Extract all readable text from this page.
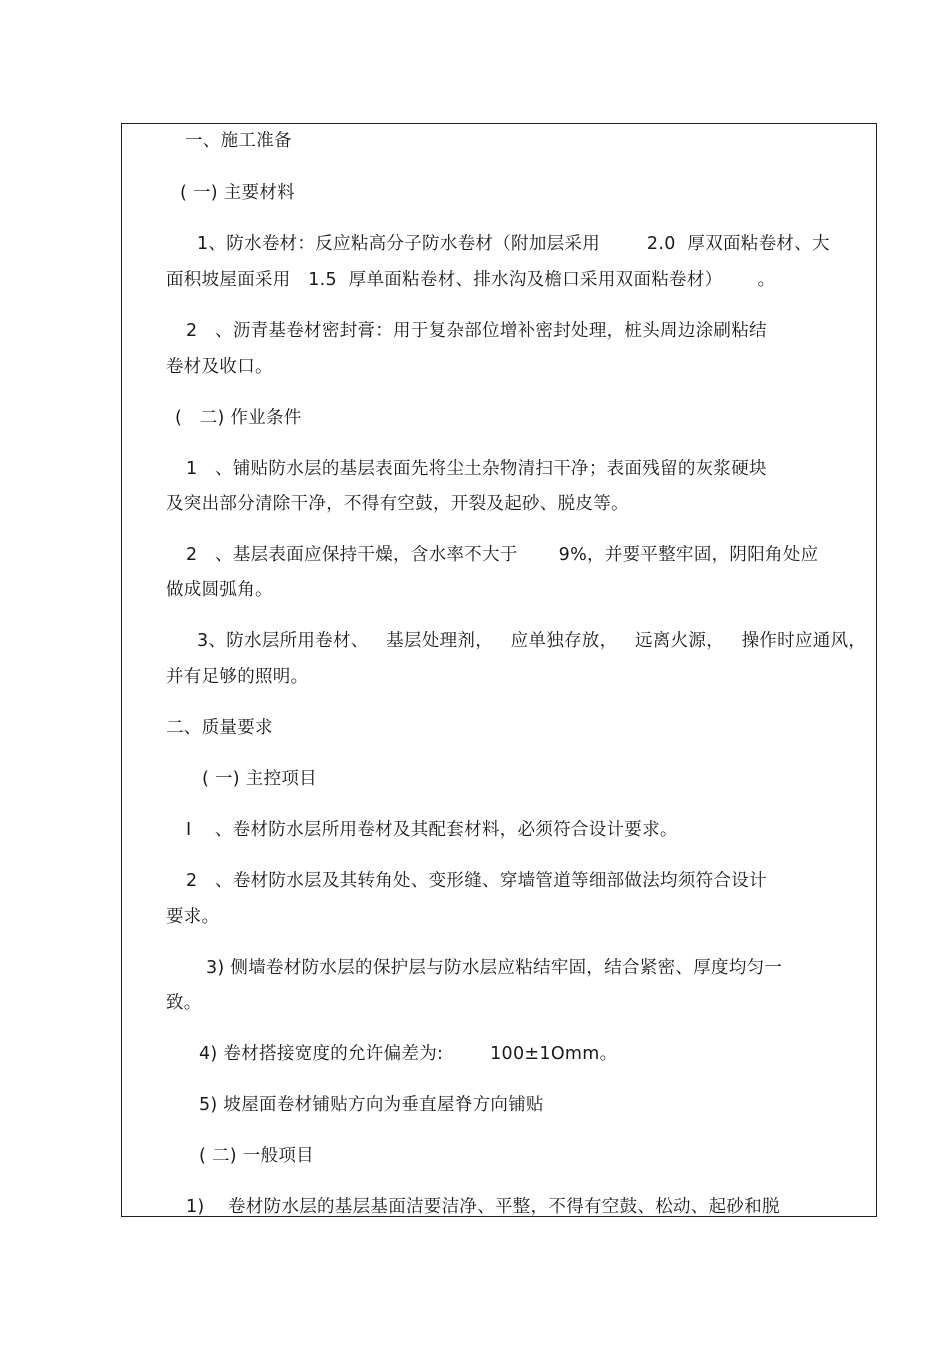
一、施工准备
( 一) 主要材料
1、防水卷材：反应粘高分子防水卷材（附加层采用        2.0  厚双面粘卷材、大
面积坡屋面采用   1.5  厚单面粘卷材、排水沟及檐口采用双面粘卷材）      。
2   、沥青基卷材密封膏：用于复杂部位增补密封处理，桩头周边涂刷粘结
卷材及收口。
(   二) 作业条件
1   、铺贴防水层的基层表面先将尘土杂物清扫干净；表面残留的灰浆硬块
及突出部分清除干净，不得有空鼓，开裂及起砂、脱皮等。
2   、基层表面应保持干燥，含水率不大于       9%，并要平整牢固，阴阳角处应
做成圆弧角。
3、防水层所用卷材、   基层处理剂，   应单独存放，   远离火源，   操作时应通风，
并有足够的照明。
二、质量要求
( 一) 主控项目
I    、卷材防水层所用卷材及其配套材料，必须符合设计要求。
2   、卷材防水层及其转角处、变形缝、穿墙管道等细部做法均须符合设计
要求。
3) 侧墙卷材防水层的保护层与防水层应粘结牢固，结合紧密、厚度均匀一
致。
4) 卷材搭接宽度的允许偏差为:        100±1Omm。
5) 坡屋面卷材铺贴方向为垂直屋脊方向铺贴
( 二) 一般项目
1)    卷材防水层的基层基面洁要洁净、平整，不得有空鼓、松动、起砂和脱
